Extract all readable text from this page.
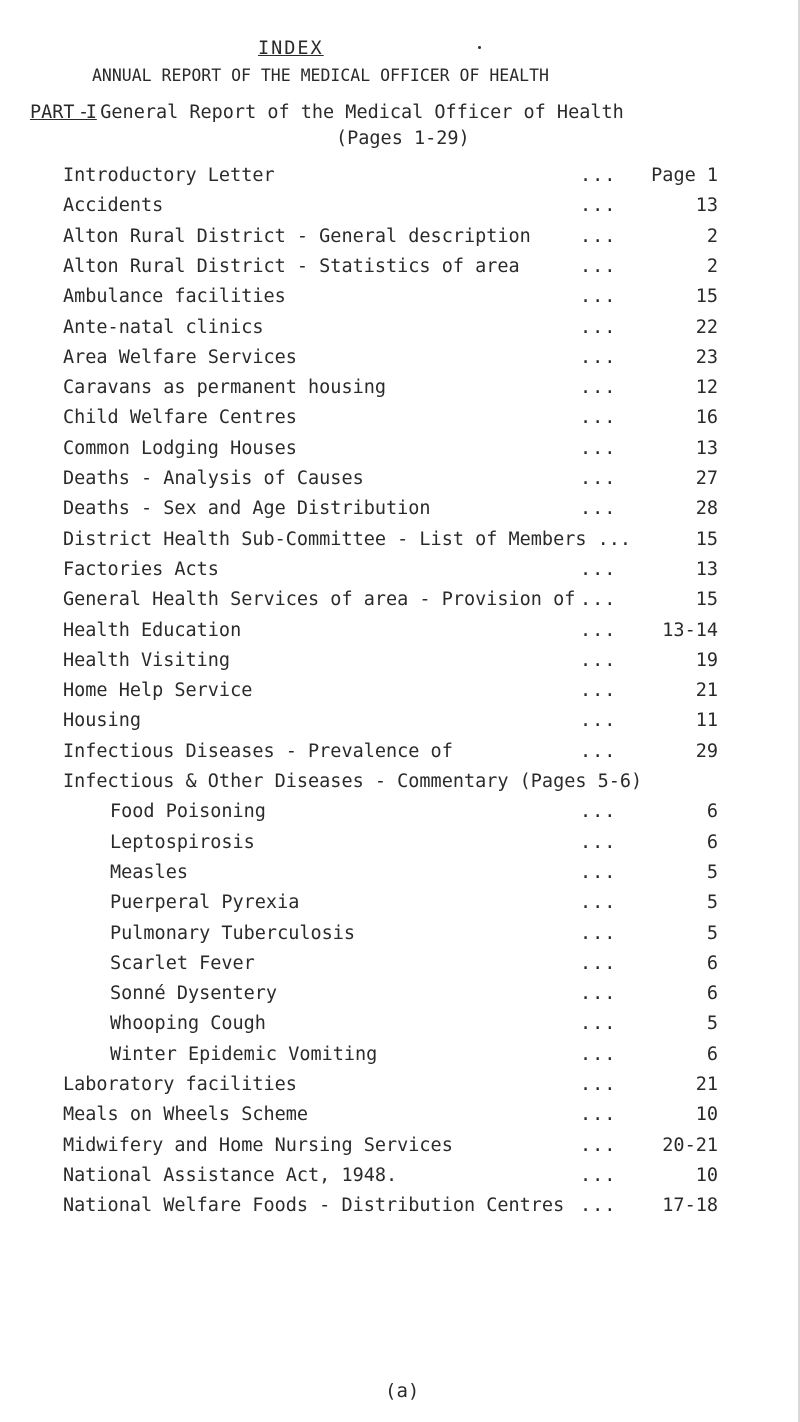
INDEX
ANNUAL REPORT OF THE MEDICAL OFFICER OF HEALTH
PART I
- General Report of the Medical Officer of Health
(Pages 1-29)
Introductory Letter	... Page 1
Accidents	...	13
Alton Rural District - General description	...	2
Alton Rural District - Statistics of area	...	2
Ambulance facilities	...	15
Ante-natal clinics	...	22
Area Welfare Services	...	23
Caravans as permanent housing	...	12
Child Welfare Centres	...	16
Common Lodging Houses	...	13
Deaths - Analysis of Causes	...	27
Deaths - Sex and Age Distribution	...	28
District Health Sub-Committee - List of Members ...	15
Factories Acts	...	13
General Health Services of area - Provision of ...	15
Health Education	... 13-14
Health Visiting	...	19
Home Help Service	...	21
Housing	...	11
Infectious Diseases - Prevalence of	...	29
Infectious & Other Diseases - Commentary (Pages 5-6)
Food Poisoning	...	6
Leptospirosis	...	6
Measles	...	5
Puerperal Pyrexia	...	5
Pulmonary Tuberculosis	...	5
Scarlet Fever	...	6
Sonné Dysentery	...	6
Whooping Cough	...	5
Winter Epidemic Vomiting	...	6
Laboratory facilities	...	21
Meals on Wheels Scheme	...	10
Midwifery and Home Nursing Services	... 20-21
National Assistance Act, 1948.	...	10
National Welfare Foods - Distribution Centres ... 17-18
(a)
